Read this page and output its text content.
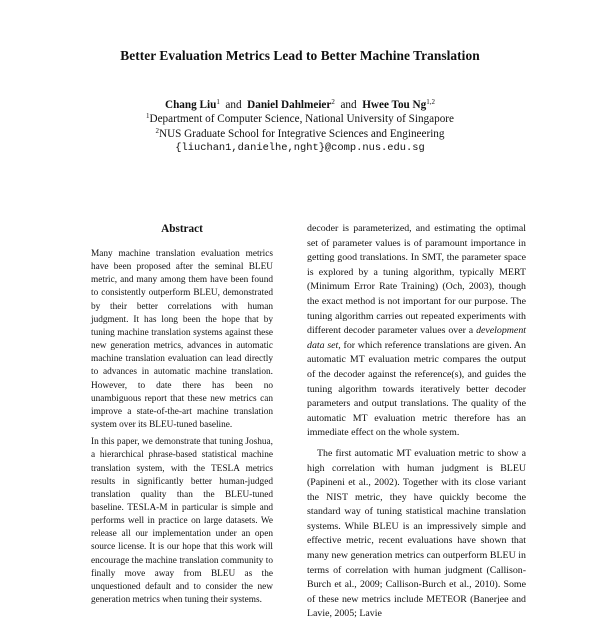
Better Evaluation Metrics Lead to Better Machine Translation
Chang Liu$^1$ and Daniel Dahlmeier$^2$ and Hwee Tou Ng$^{1,2}$
$^1$Department of Computer Science, National University of Singapore
$^2$NUS Graduate School for Integrative Sciences and Engineering
{liuchan1,danielhe,nght}@comp.nus.edu.sg
Abstract

Many machine translation evaluation metrics have been proposed after the seminal BLEU metric, and many among them have been found to consistently outperform BLEU, demonstrated by their better correlations with human judgment. It has long been the hope that by tuning machine translation systems against these new generation metrics, advances in automatic machine translation evaluation can lead directly to advances in automatic machine translation. However, to date there has been no unambiguous report that these new metrics can improve a state-of-the-art machine translation system over its BLEU-tuned baseline.

In this paper, we demonstrate that tuning Joshua, a hierarchical phrase-based statistical machine translation system, with the TESLA metrics results in significantly better human-judged translation quality than the BLEU-tuned baseline. TESLA-M in particular is simple and performs well in practice on large datasets. We release all our implementation under an open source license. It is our hope that this work will encourage the machine translation community to finally move away from BLEU as the unquestioned default and to consider the new generation metrics when tuning their systems.

decoder is parameterized, and estimating the optimal set of parameter values is of paramount importance in getting good translations. In SMT, the parameter space is explored by a tuning algorithm, typically MERT (Minimum Error Rate Training) (Och, 2003), though the exact method is not important for our purpose. The tuning algorithm carries out repeated experiments with different decoder parameter values over a development data set, for which reference translations are given. An automatic MT evaluation metric compares the output of the decoder against the reference(s), and guides the tuning algorithm towards iteratively better decoder parameters and output translations. The quality of the automatic MT evaluation metric therefore has an immediate effect on the whole system.

The first automatic MT evaluation metric to show a high correlation with human judgment is BLEU (Papineni et al., 2002). Together with its close variant the NIST metric, they have quickly become the standard way of tuning statistical machine translation systems. While BLEU is an impressively simple and effective metric, recent evaluations have shown that many new generation metrics can outperform BLEU in terms of correlation with human judgment (Callison-Burch et al., 2009; Callison-Burch et al., 2010). Some of these new metrics include METEOR (Banerjee and Lavie, 2005; Lavie
